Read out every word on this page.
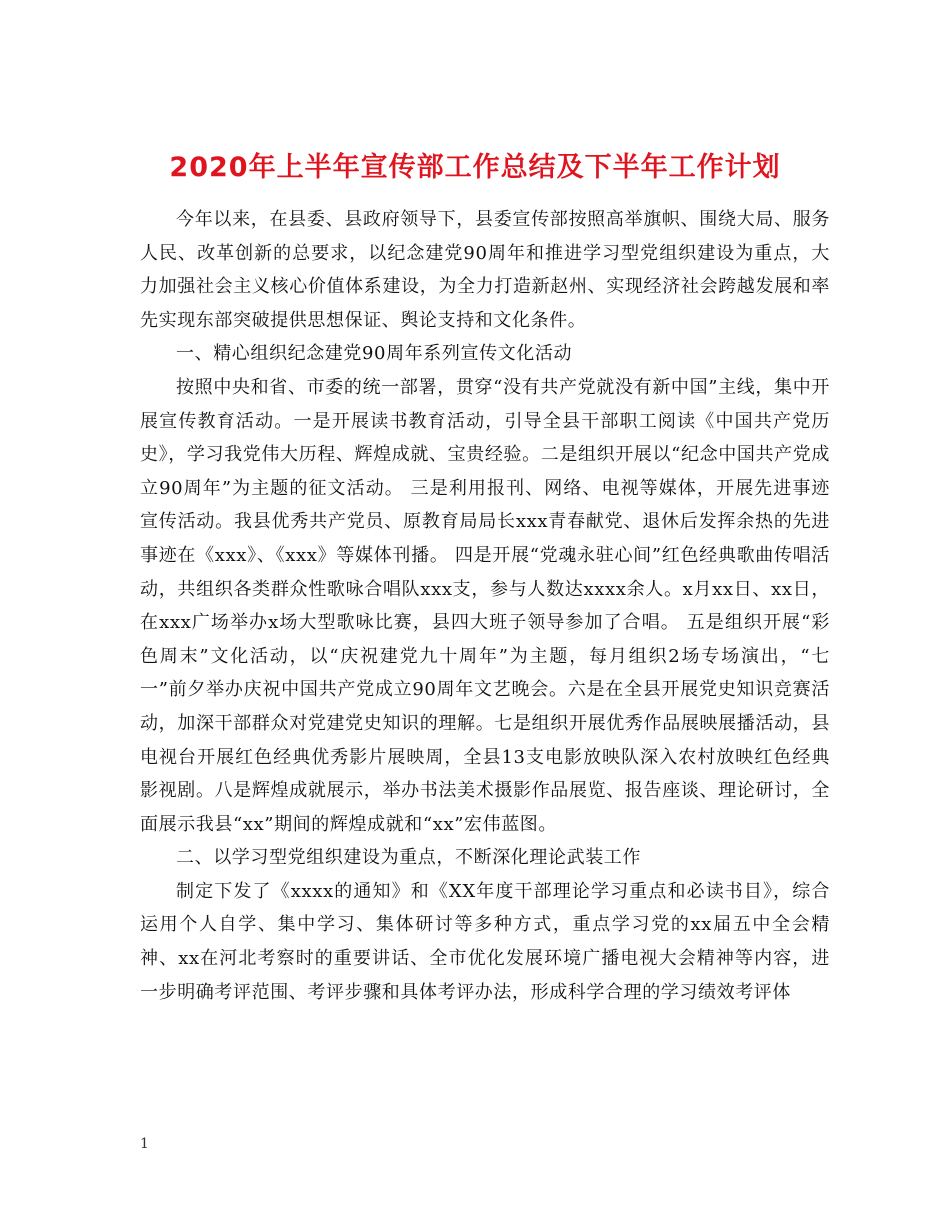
2020年上半年宣传部工作总结及下半年工作计划

今年以来，在县委、县政府领导下，县委宣传部按照高举旗帜、围绕大局、服务人民、改革创新的总要求，以纪念建党90周年和推进学习型党组织建设为重点，大力加强社会主义核心价值体系建设，为全力打造新赵州、实现经济社会跨越发展和率先实现东部突破提供思想保证、舆论支持和文化条件。

一、精心组织纪念建党90周年系列宣传文化活动

按照中央和省、市委的统一部署，贯穿“没有共产党就没有新中国”主线，集中开展宣传教育活动。一是开展读书教育活动，引导全县干部职工阅读《中国共产党历史》，学习我党伟大历程、辉煌成就、宝贵经验。二是组织开展以“纪念中国共产党成立90周年”为主题的征文活动。 三是利用报刊、网络、电视等媒体，开展先进事迹宣传活动。我县优秀共产党员、原教育局局长xxx青春献党、退休后发挥余热的先进事迹在《xxx》、《xxx》等媒体刊播。 四是开展“党魂永驻心间”红色经典歌曲传唱活动，共组织各类群众性歌咏合唱队xxx支，参与人数达xxxx余人。x月xx日、xx日，在xxx广场举办x场大型歌咏比赛，县四大班子领导参加了合唱。 五是组织开展“彩色周末”文化活动，以“庆祝建党九十周年”为主题，每月组织2场专场演出，“七一”前夕举办庆祝中国共产党成立90周年文艺晚会。六是在全县开展党史知识竞赛活动，加深干部群众对党建党史知识的理解。七是组织开展优秀作品展映展播活动，县电视台开展红色经典优秀影片展映周，全县13支电影放映队深入农村放映红色经典影视剧。八是辉煌成就展示，举办书法美术摄影作品展览、报告座谈、理论研讨，全面展示我县“xx”期间的辉煌成就和“xx”宏伟蓝图。

二、以学习型党组织建设为重点，不断深化理论武装工作

制定下发了《xxxx的通知》和《XX年度干部理论学习重点和必读书目》，综合运用个人自学、集中学习、集体研讨等多种方式，重点学习党的xx届五中全会精神、xx在河北考察时的重要讲话、全市优化发展环境广播电视大会精神等内容，进一步明确考评范围、考评步骤和具体考评办法，形成科学合理的学习绩效考评体

1
